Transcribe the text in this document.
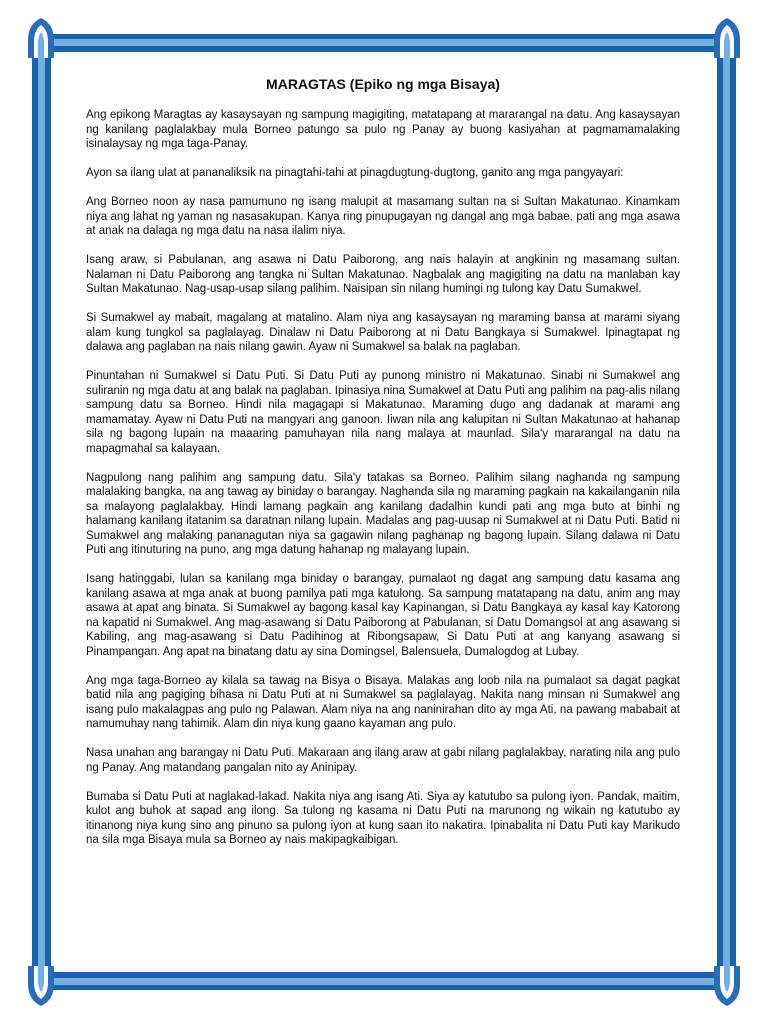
MARAGTAS (Epiko ng mga Bisaya)

Ang epikong Maragtas ay kasaysayan ng sampung magigiting, matatapang at mararangal na datu. Ang kasaysayan ng kanilang paglalakbay mula Borneo patungo sa pulo ng Panay ay buong kasiyahan at pagmamamalaking isinalaysay ng mga taga-Panay.

Ayon sa ilang ulat at pananaliksik na pinagtahi-tahi at pinagdugtung-dugtong, ganito ang mga pangyayari:

Ang Borneo noon ay nasa pamumuno ng isang malupit at masamang sultan na si Sultan Makatunao. Kinamkam niya ang lahat ng yaman ng nasasakupan. Kanya ring pinupugayan ng dangal ang mga babae, pati ang mga asawa at anak na dalaga ng mga datu na nasa ilalim niya.

Isang araw, si Pabulanan, ang asawa ni Datu Paiborong, ang nais halayin at angkinin ng masamang sultan. Nalaman ni Datu Paiborong ang tangka ni Sultan Makatunao. Nagbalak ang magigiting na datu na manlaban kay Sultan Makatunao. Nag-usap-usap silang palihim. Naisipan sin nilang humingi ng tulong kay Datu Sumakwel.

Si Sumakwel ay mabait, magalang at matalino. Alam niya ang kasaysayan ng maraming bansa at marami siyang alam kung tungkol sa paglalayag. Dinalaw ni Datu Paiborong at ni Datu Bangkaya si Sumakwel. Ipinagtapat ng dalawa ang paglaban na nais nilang gawin. Ayaw ni Sumakwel sa balak na paglaban.

Pinuntahan ni Sumakwel si Datu Puti. Si Datu Puti ay punong ministro ni Makatunao. Sinabi ni Sumakwel ang suliranin ng mga datu at ang balak na paglaban. Ipinasiya nina Sumakwel at Datu Puti ang palihim na pag-alis nilang sampung datu sa Borneo. Hindi nila magagapi si Makatunao. Maraming dugo ang dadanak at marami ang mamamatay. Ayaw ni Datu Puti na mangyari ang ganoon. Iiwan nila ang kalupitan ni Sultan Makatunao at hahanap sila ng bagong lupain na maaaring pamuhayan nila nang malaya at maunlad. Sila'y mararangal na datu na mapagmahal sa kalayaan.

Nagpulong nang palihim ang sampung datu. Sila'y tatakas sa Borneo. Palihim silang naghanda ng sampung malalaking bangka, na ang tawag ay biniday o barangay. Naghanda sila ng maraming pagkain na kakailanganin nila sa malayong paglalakbay. Hindi lamang pagkain ang kanilang dadalhin kundi pati ang mga buto at binhi ng halamang kanilang itatanim sa daratnan nilang lupain. Madalas ang pag-uusap ni Sumakwel at ni Datu Puti. Batid ni Sumakwel ang malaking pananagutan niya sa gagawin nilang paghanap ng bagong lupain. Silang dalawa ni Datu Puti ang itinuturing na puno, ang mga datung hahanap ng malayang lupain.

Isang hatinggabi, lulan sa kanilang mga biniday o barangay, pumalaot ng dagat ang sampung datu kasama ang kanilang asawa at mga anak at buong pamilya pati mga katulong. Sa sampung matatapang na datu, anim ang may asawa at apat ang binata. Si Sumakwel ay bagong kasal kay Kapinangan, si Datu Bangkaya ay kasal kay Katorong na kapatid ni Sumakwel. Ang mag-asawang si Datu Paiborong at Pabulanan, si Datu Domangsol at ang asawang si Kabiling, ang mag-asawang si Datu Padihinog at Ribongsapaw, Si Datu Puti at ang kanyang asawang si Pinampangan. Ang apat na binatang datu ay sina Domingsel, Balensuela, Dumalogdog at Lubay.

Ang mga taga-Borneo ay kilala sa tawag na Bisya o Bisaya. Malakas ang loob nila na pumalaot sa dagat pagkat batid nila ang pagiging bihasa ni Datu Puti at ni Sumakwel sa paglalayag. Nakita nang minsan ni Sumakwel ang isang pulo makalagpas ang pulo ng Palawan. Alam niya na ang naninirahan dito ay mga Ati, na pawang mababait at namumuhay nang tahimik. Alam din niya kung gaano kayaman ang pulo.

Nasa unahan ang barangay ni Datu Puti. Makaraan ang ilang araw at gabi nilang paglalakbay, narating nila ang pulo ng Panay. Ang matandang pangalan nito ay Aninipay.

Bumaba si Datu Puti at naglakad-lakad. Nakita niya ang isang Ati. Siya ay katutubo sa pulong iyon. Pandak, maitim, kulot ang buhok at sapad ang ilong. Sa tulong ng kasama ni Datu Puti na marunong ng wikain ng katutubo ay itinanong niya kung sino ang pinuno sa pulong iyon at kung saan ito nakatira. Ipinabalita ni Datu Puti kay Marikudo na sila mga Bisaya mula sa Borneo ay nais makipagkaibigan.
